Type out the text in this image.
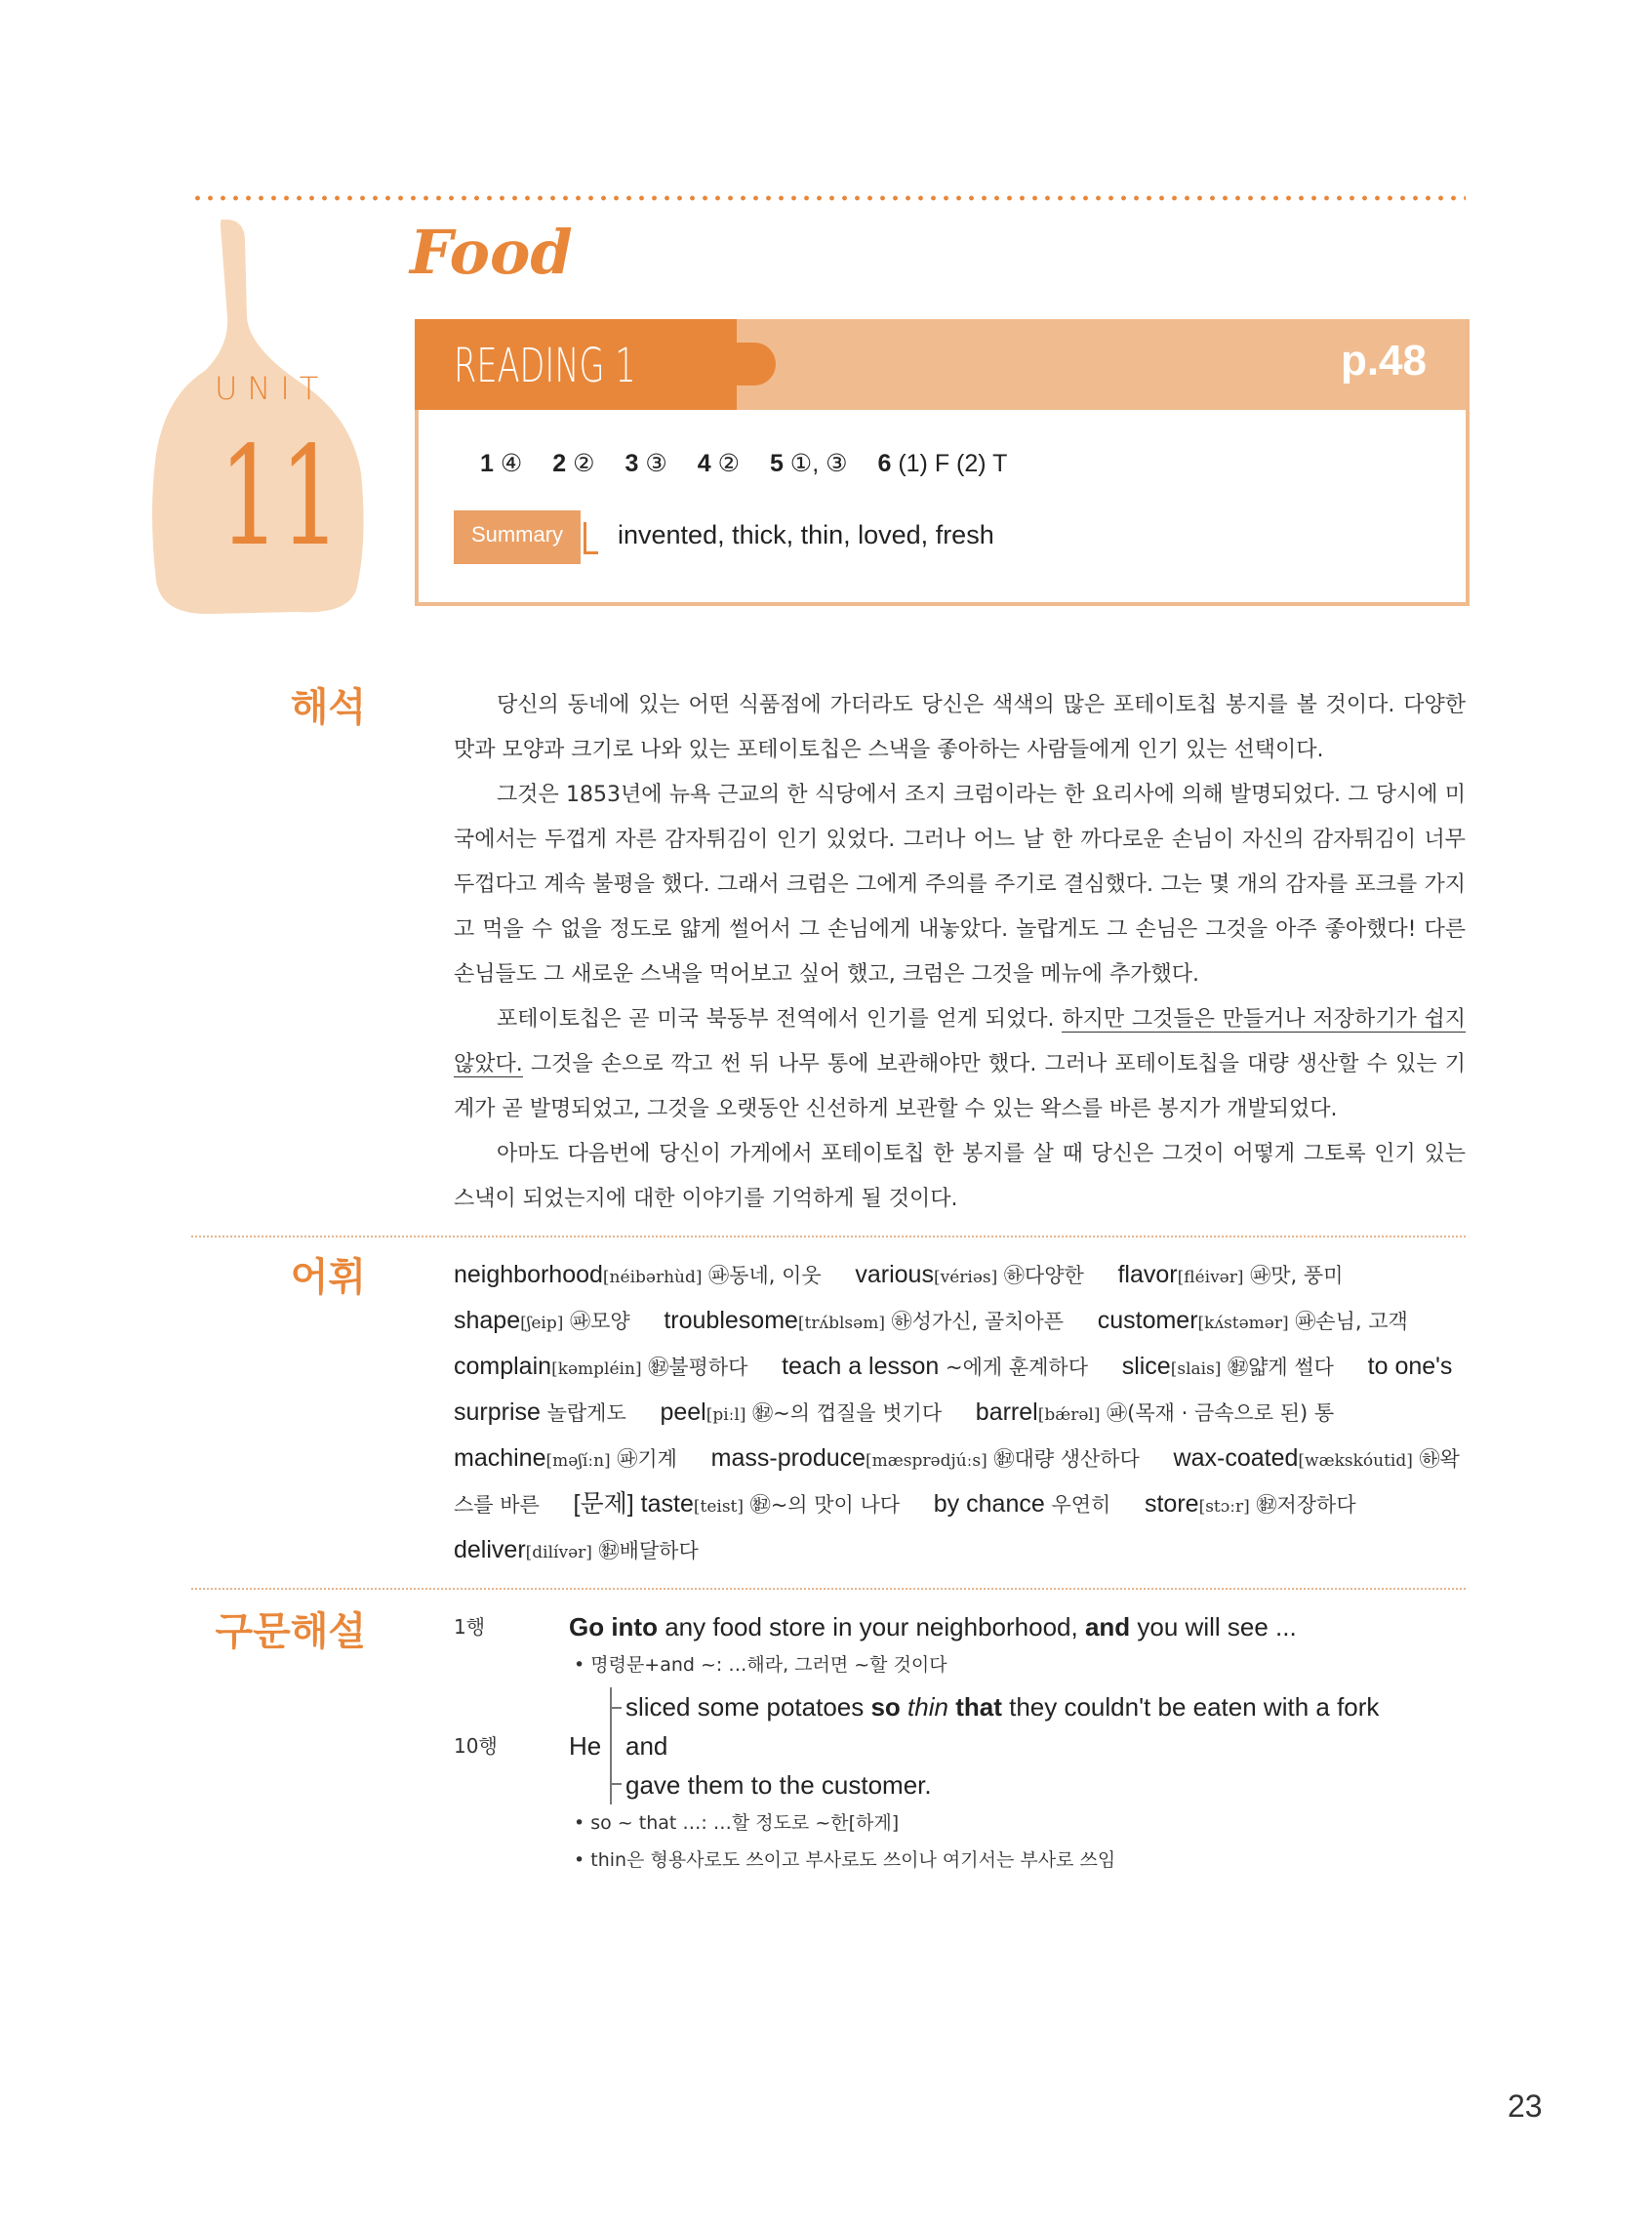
UNIT
11
Food
READING 1	p.48
1 ④ 2 ② 3 ③ 4 ② 5 ①, ③ 6 (1) F (2) T
Summary	invented, thick, thin, loved, fresh
해석	당신의 동네에 있는 어떤 식품점에 가더라도 당신은 색색의 많은 포테이토칩 봉지를 볼 것이다. 다양한 맛과 모양과 크기로 나와 있는 포테이토칩은 스낵을 좋아하는 사람들에게 인기 있는 선택이다.

그것은 1853년에 뉴욕 근교의 한 식당에서 조지 크럼이라는 한 요리사에 의해 발명되었다. 그 당시에 미국에서는 두껍게 자른 감자튀김이 인기 있었다. 그러나 어느 날 한 까다로운 손님이 자신의 감자튀김이 너무 두껍다고 계속 불평을 했다. 그래서 크럼은 그에게 주의를 주기로 결심했다. 그는 몇 개의 감자를 포크를 가지고 먹을 수 없을 정도로 얇게 썰어서 그 손님에게 내놓았다. 놀랍게도 그 손님은 그것을 아주 좋아했다! 다른 손님들도 그 새로운 스낵을 먹어보고 싶어 했고, 크럼은 그것을 메뉴에 추가했다.

포테이토칩은 곧 미국 북동부 전역에서 인기를 얻게 되었다. 하지만 그것들은 만들거나 저장하기가 쉽지 않았다. 그것을 손으로 깍고 썬 뒤 나무 통에 보관해야만 했다. 그러나 포테이토칩을 대량 생산할 수 있는 기계가 곧 발명되었고, 그것을 오랫동안 신선하게 보관할 수 있는 왁스를 바른 봉지가 개발되었다.

아마도 다음번에 당신이 가게에서 포테이토칩 한 봉지를 살 때 당신은 그것이 어떻게 그토록 인기 있는 스낵이 되었는지에 대한 이야기를 기억하게 될 것이다.

어휘	neighborhood[néibərhùd] ㉺동네, 이웃 various[vériəs] ㉻다양한 flavor[fléivər] ㉺맛, 풍미 shape[ʃeip] ㉺모양 troublesome[trʌ́blsəm] ㉻성가신, 골치아픈 customer[kʌ́stəmər] ㉺손님, 고객 complain[kəmpléin] ㉼불평하다 teach a lesson ~에게 훈계하다 slice[slais] ㉼얇게 썰다 to one's surprise 놀랍게도 peel[piːl] ㉼~의 껍질을 벗기다 barrel[bǽrəl] ㉺(목재 · 금속으로 된) 통 machine[məʃíːn] ㉺기계 mass-produce[mæsprədjúːs] ㉼대량 생산하다 wax-coated[wækskóutid] ㉻왁스를 바른 [문제] taste[teist] ㉼~의 맛이 나다 by chance 우연히 store[stɔːr] ㉼저장하다 deliver[dilívər] ㉼배달하다
구문해설	1행	Go into any food store in your neighborhood, and you will see ...
• 명령문+and ~: …해라, 그러면 ~할 것이다
10행	He
sliced some potatoes so thin that they couldn't be eaten with a fork
and
gave them to the customer.
• so ~ that …: …할 정도로 ~한[하게]
• thin은 형용사로도 쓰이고 부사로도 쓰이나 여기서는 부사로 쓰임
23
